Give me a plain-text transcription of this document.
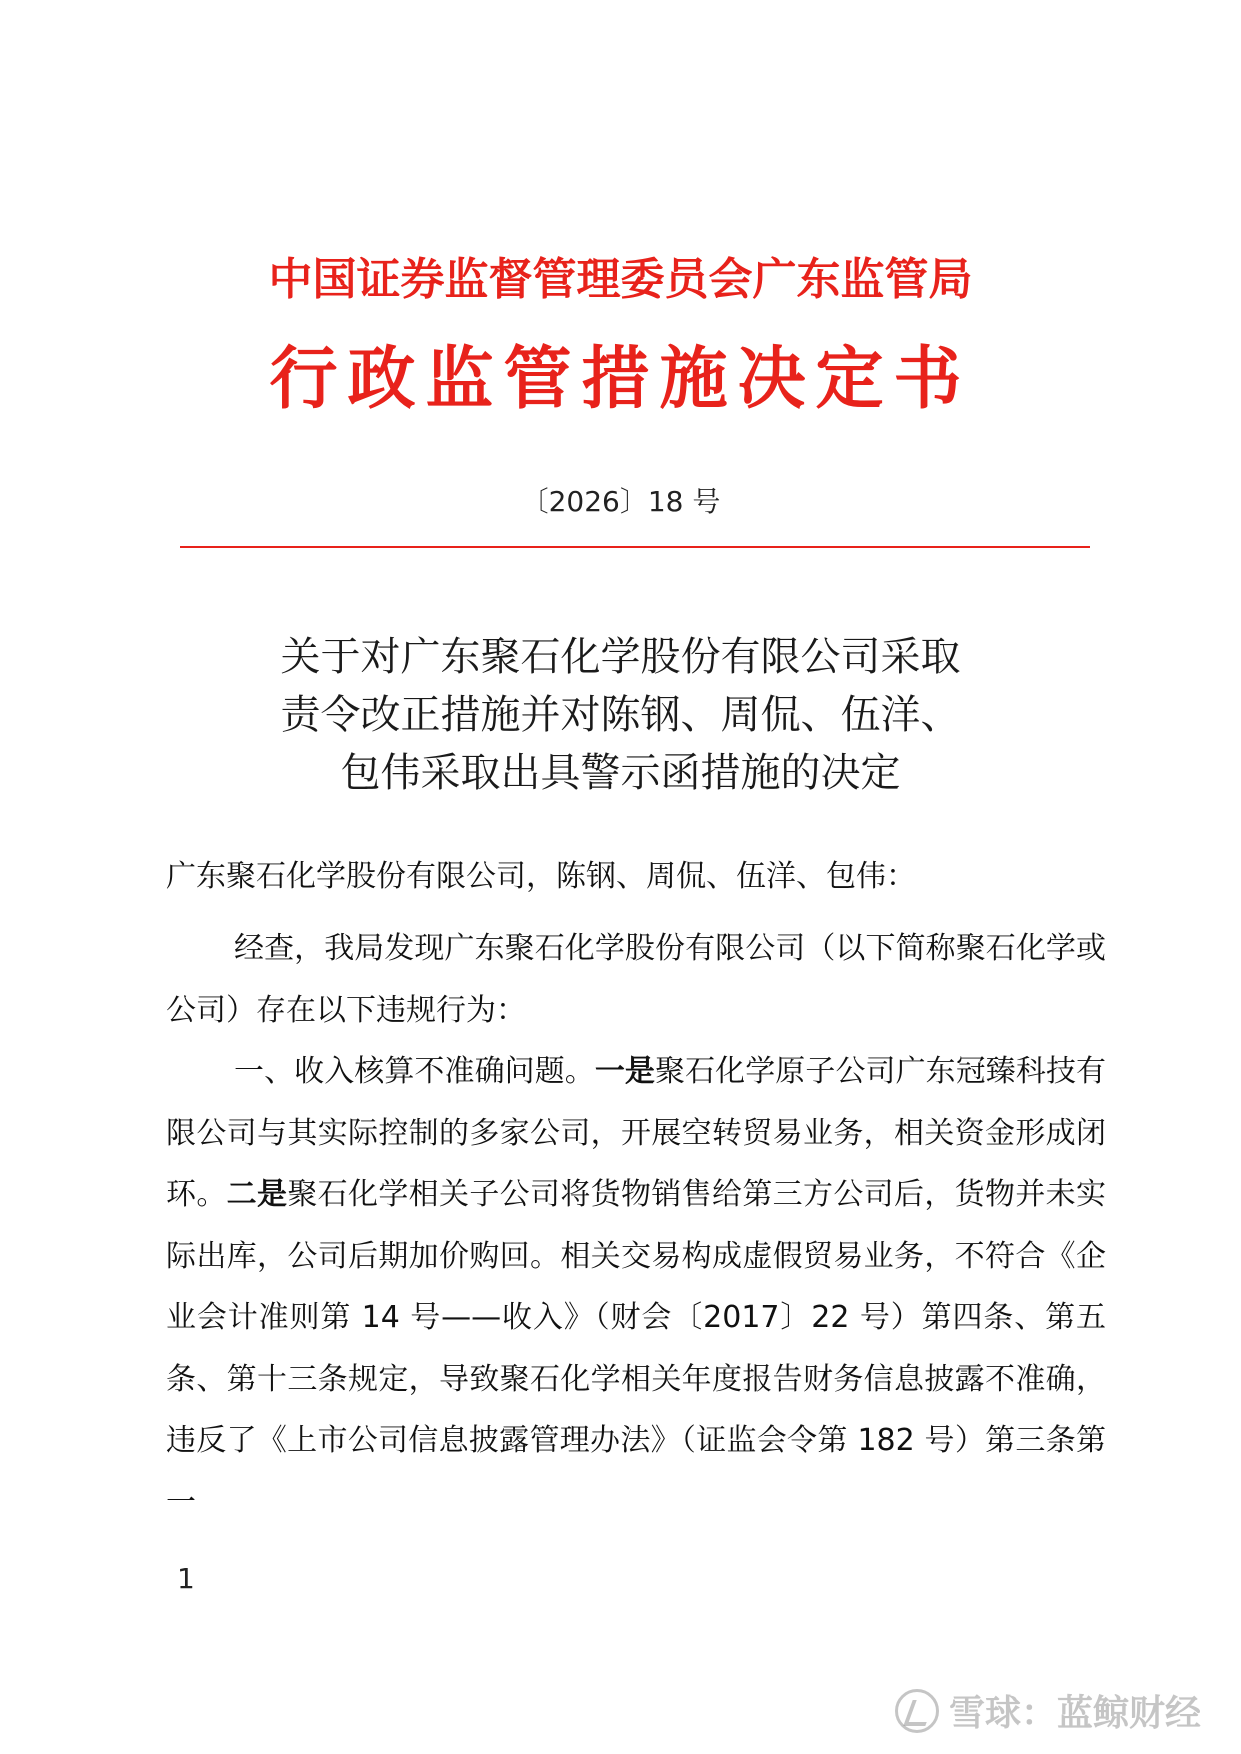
中国证券监督管理委员会广东监管局
行政监管措施决定书
〔2026〕18 号
关于对广东聚石化学股份有限公司采取
责令改正措施并对陈钢、周侃、伍洋、
包伟采取出具警示函措施的决定
广东聚石化学股份有限公司，陈钢、周侃、伍洋、包伟：

经查，我局发现广东聚石化学股份有限公司（以下简称聚石化学或公司）存在以下违规行为：

一、收入核算不准确问题。一是聚石化学原子公司广东冠臻科技有限公司与其实际控制的多家公司，开展空转贸易业务，相关资金形成闭环。二是聚石化学相关子公司将货物销售给第三方公司后，货物并未实际出库，公司后期加价购回。相关交易构成虚假贸易业务，不符合《企业会计准则第 14 号——收入》（财会〔2017〕22 号）第四条、第五条、第十三条规定，导致聚石化学相关年度报告财务信息披露不准确，违反了《上市公司信息披露管理办法》（证监会令第 182 号）第三条第一

1
雪球：蓝鲸财经
